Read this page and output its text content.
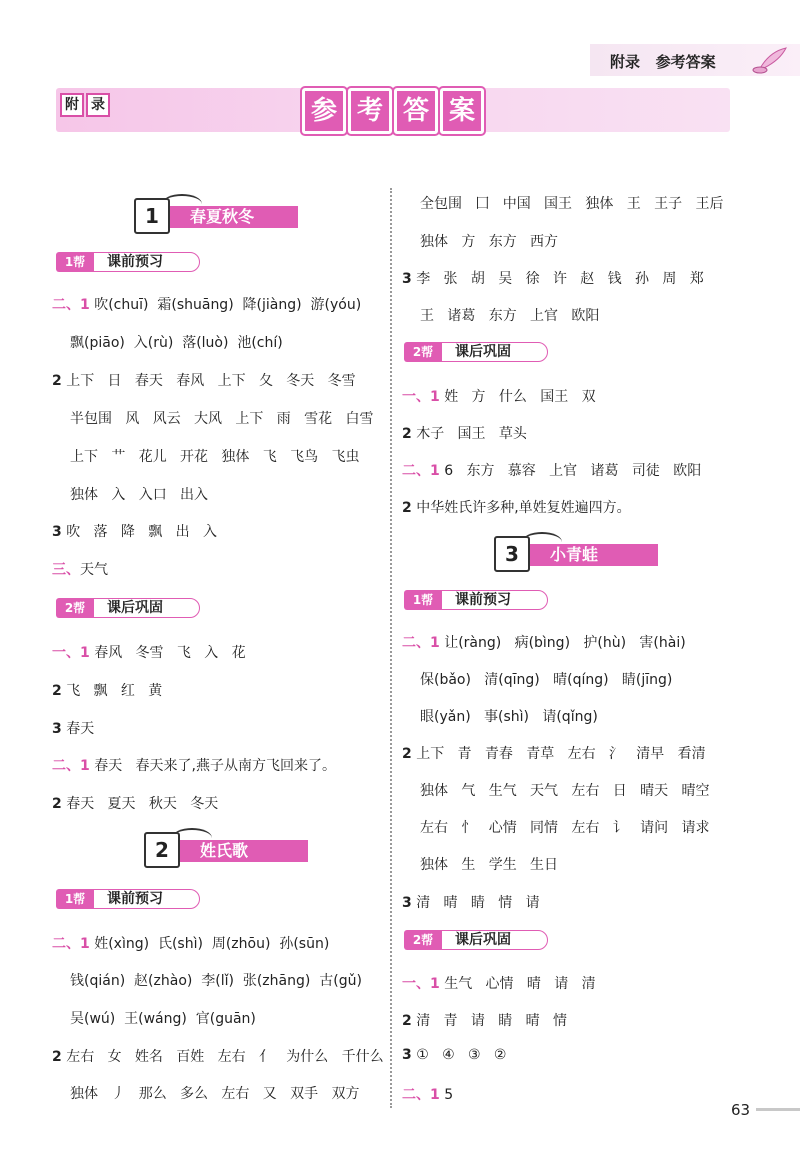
附录   参考答案
附 录	参 考 答 案
春夏秋冬
1
姓氏歌
2
小青蛙
3
课前预习
1帮
课后巩固
2帮
课前预习
1帮
课后巩固
2帮
课前预习
1帮
课后巩固
2帮
二、1 吹(chuī)  霜(shuāng)  降(jiàng)  游(yóu)
飘(piāo)  入(rù)  落(luò)  池(chí)
2 上下   日   春天   春风   上下   夂   冬天   冬雪
半包围   风   风云   大风   上下   雨   雪花   白雪
上下   艹   花儿   开花   独体   飞   飞鸟   飞虫
独体   入   入口   出入
3 吹   落   降   飘   出   入
三、天气
一、1 春风   冬雪   飞   入   花
2 飞   飘   红   黄
3 春天
二、1 春天   春天来了,燕子从南方飞回来了。
2 春天   夏天   秋天   冬天
二、1 姓(xìng)  氏(shì)  周(zhōu)  孙(sūn)
钱(qián)  赵(zhào)  李(lǐ)  张(zhāng)  古(gǔ)
吴(wú)  王(wáng)  官(guān)
2 左右   女   姓名   百姓   左右   亻   为什么   千什么
独体   丿   那么   多么   左右   又   双手   双方
全包围   囗   中国   国王   独体   王   王子   王后
独体   方   东方   西方
3 李   张   胡   吴   徐   许   赵   钱   孙   周   郑
王   诸葛   东方   上官   欧阳
一、1 姓   方   什么   国王   双
2 木子   国王   草头
二、1 6   东方   慕容   上官   诸葛   司徒   欧阳
2 中华姓氏许多种,单姓复姓遍四方。
二、1 让(ràng)   病(bìng)   护(hù)   害(hài)
保(bǎo)   清(qīng)   晴(qíng)   睛(jīng)
眼(yǎn)   事(shì)   请(qǐng)
2 上下   青   青春   青草   左右   氵   清早   看清
独体   气   生气   天气   左右   日   晴天   晴空
左右   忄   心情   同情   左右   讠   请问   请求
独体   生   学生   生日
3 清   晴   睛   情   请
一、1 生气   心情   晴   请   清
2 清   青   请   睛   晴   情
3 ①   ④   ③   ②
二、1 5
63
